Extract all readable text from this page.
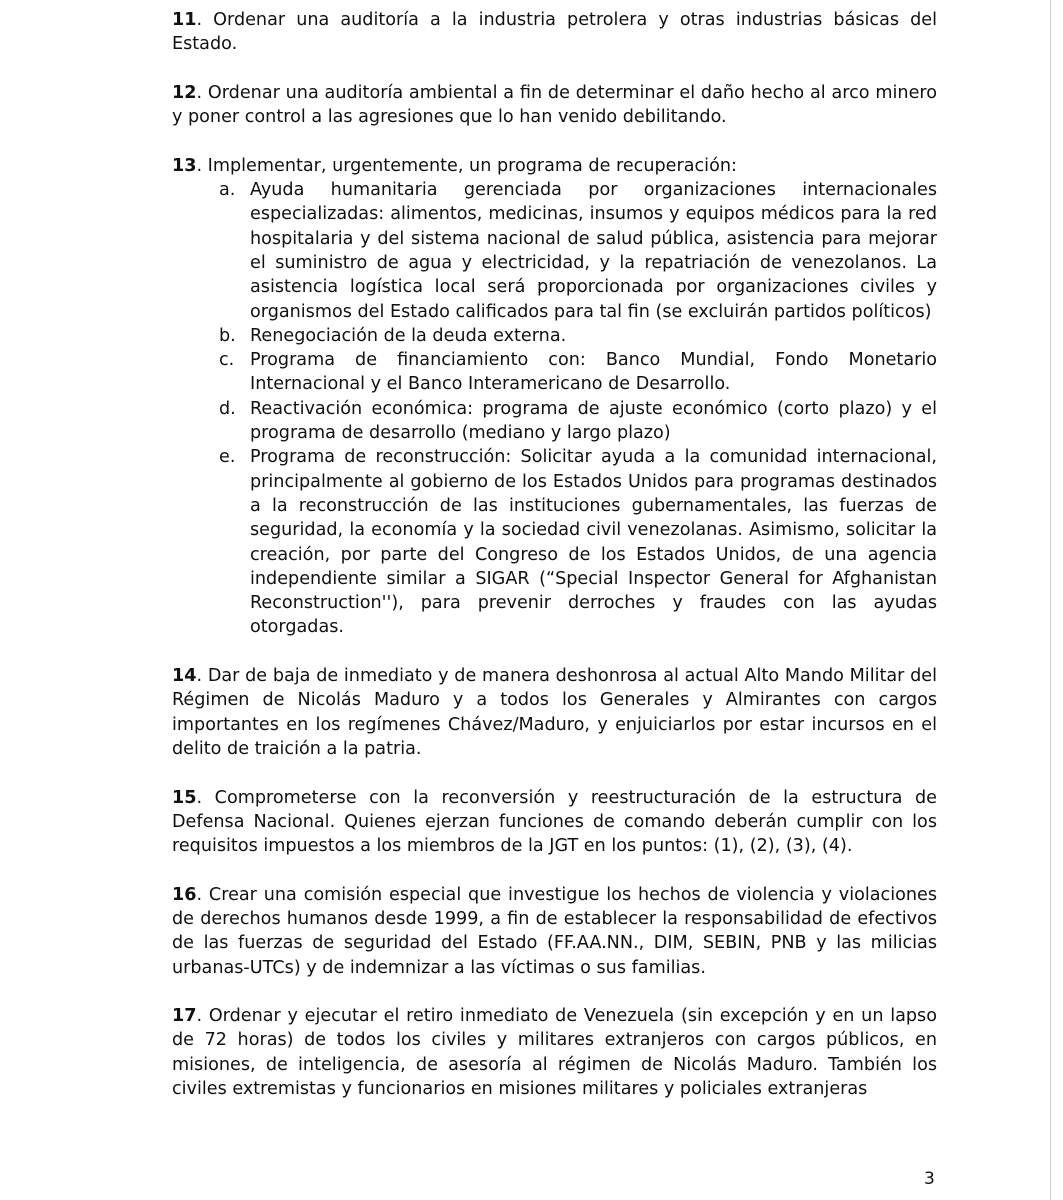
11. Ordenar una auditoría a la industria petrolera y otras industrias básicas del Estado.

12. Ordenar una auditoría ambiental a fin de determinar el daño hecho al arco minero y poner control a las agresiones que lo han venido debilitando.

13. Implementar, urgentemente, un programa de recuperación:

a. Ayuda humanitaria gerenciada por organizaciones internacionales especializadas: alimentos, medicinas, insumos y equipos médicos para la red hospitalaria y del sistema nacional de salud pública, asistencia para mejorar el suministro de agua y electricidad, y la repatriación de venezolanos. La asistencia logística local será proporcionada por organizaciones civiles y organismos del Estado calificados para tal fin (se excluirán partidos políticos)
b. Renegociación de la deuda externa.
c. Programa de financiamiento con: Banco Mundial, Fondo Monetario Internacional y el Banco Interamericano de Desarrollo.
d. Reactivación económica: programa de ajuste económico (corto plazo) y el programa de desarrollo (mediano y largo plazo)
e. Programa de reconstrucción: Solicitar ayuda a la comunidad internacional, principalmente al gobierno de los Estados Unidos para programas destinados a la reconstrucción de las instituciones gubernamentales, las fuerzas de seguridad, la economía y la sociedad civil venezolanas. Asimismo, solicitar la creación, por parte del Congreso de los Estados Unidos, de una agencia independiente similar a SIGAR (“Special Inspector General for Afghanistan Reconstruction''), para prevenir derroches y fraudes con las ayudas otorgadas.

14. Dar de baja de inmediato y de manera deshonrosa al actual Alto Mando Militar del Régimen de Nicolás Maduro y a todos los Generales y Almirantes con cargos importantes en los regímenes Chávez/Maduro, y enjuiciarlos por estar incursos en el delito de traición a la patria.

15. Comprometerse con la reconversión y reestructuración de la estructura de Defensa Nacional. Quienes ejerzan funciones de comando deberán cumplir con los requisitos impuestos a los miembros de la JGT en los puntos: (1), (2), (3), (4).

16. Crear una comisión especial que investigue los hechos de violencia y violaciones de derechos humanos desde 1999, a fin de establecer la responsabilidad de efectivos de las fuerzas de seguridad del Estado (FF.AA.NN., DIM, SEBIN, PNB y las milicias urbanas-UTCs) y de indemnizar a las víctimas o sus familias.

17. Ordenar y ejecutar el retiro inmediato de Venezuela (sin excepción y en un lapso de 72 horas) de todos los civiles y militares extranjeros con cargos públicos, en misiones, de inteligencia, de asesoría al régimen de Nicolás Maduro. También los civiles extremistas y funcionarios en misiones militares y policiales extranjeras

3
